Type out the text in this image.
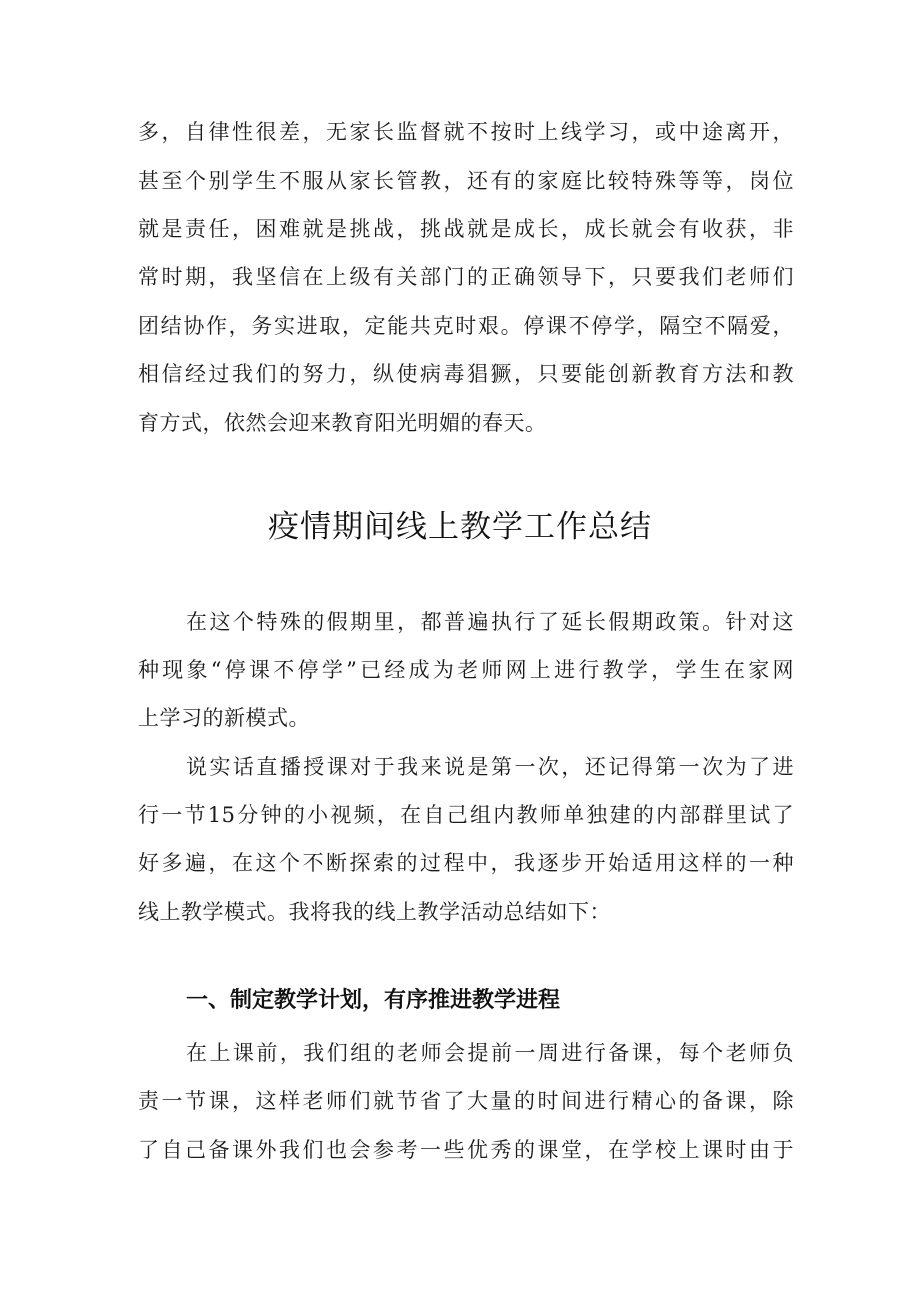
多，自律性很差，无家长监督就不按时上线学习，或中途离开，
甚至个别学生不服从家长管教，还有的家庭比较特殊等等，岗位
就是责任，困难就是挑战，挑战就是成长，成长就会有收获，非
常时期，我坚信在上级有关部门的正确领导下，只要我们老师们
团结协作，务实进取，定能共克时艰。停课不停学，隔空不隔爱，
相信经过我们的努力，纵使病毒猖獗，只要能创新教育方法和教
育方式，依然会迎来教育阳光明媚的春天。
疫情期间线上教学工作总结
在这个特殊的假期里，都普遍执行了延长假期政策。针对这
种现象“停课不停学”已经成为老师网上进行教学，学生在家网
上学习的新模式。
说实话直播授课对于我来说是第一次，还记得第一次为了进
行一节15分钟的小视频，在自己组内教师单独建的内部群里试了
好多遍，在这个不断探索的过程中，我逐步开始适用这样的一种
线上教学模式。我将我的线上教学活动总结如下：
一、制定教学计划，有序推进教学进程
在上课前，我们组的老师会提前一周进行备课，每个老师负
责一节课，这样老师们就节省了大量的时间进行精心的备课，除
了自己备课外我们也会参考一些优秀的课堂，在学校上课时由于
